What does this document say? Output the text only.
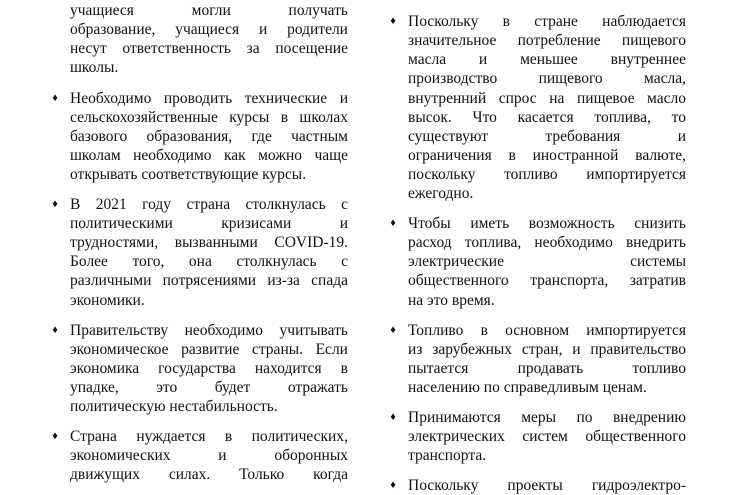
учащиеся	могли	получать
образование, учащиеся и родители
несут ответственность за посещение
школы.
♦ Необходимо проводить технические и
сельскохозяйственные курсы в школах
базового образования, где частным
школам необходимо как можно чаще
открывать соответствующие курсы.
♦ В 2021 году страна столкнулась с
политическими	кризисами	и
трудностями, вызванными COVID-19.
Более того, она столкнулась с
различными потрясениями из-за спада
экономики.
♦ Правительству необходимо учитывать
экономическое развитие страны. Если
экономика государства находится в
упадке, это будет отражать
политическую нестабильность.
♦ Страна нуждается в политических,
экономических	и	оборонных
движущих силах. Только когда
♦ Поскольку в стране наблюдается
значительное потребление пищевого
масла и меньшее внутреннее
производство	пищевого	масла,
внутренний спрос на пищевое масло
высок. Что касается топлива, то
существуют	требования	и
ограничения в иностранной валюте,
поскольку топливо импортируется
ежегодно.
♦ Чтобы иметь возможность снизить
расход топлива, необходимо внедрить
электрические	системы
общественного транспорта, затратив
на это время.
♦ Топливо в основном импортируется
из зарубежных стран, и правительство
пытается	продавать	топливо
населению по справедливым ценам.
♦ Принимаются меры по внедрению
электрических систем общественного
транспорта.
♦ Поскольку проекты гидроэлектро-
